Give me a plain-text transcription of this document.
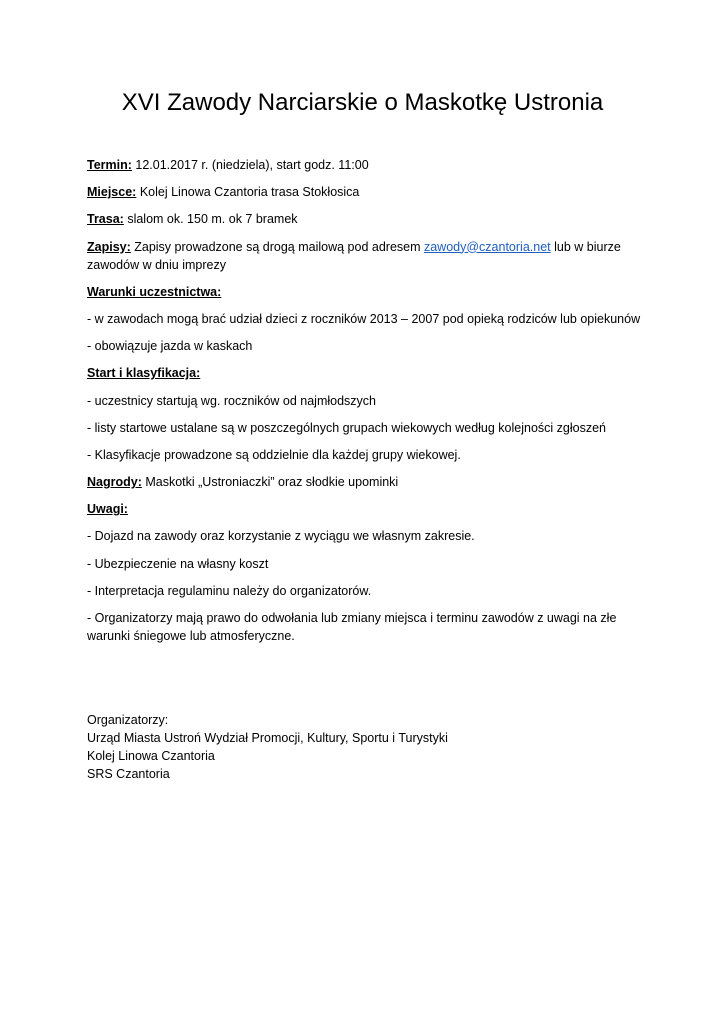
XVI Zawody Narciarskie o Maskotkę Ustronia

Termin: 12.01.2017 r. (niedziela), start godz. 11:00

Miejsce: Kolej Linowa Czantoria trasa Stokłosica

Trasa: slalom ok. 150 m. ok 7 bramek

Zapisy: Zapisy prowadzone są drogą mailową pod adresem zawody@czantoria.net lub w biurze zawodów w dniu imprezy

Warunki uczestnictwa:

- w zawodach mogą brać udział dzieci z roczników 2013 – 2007 pod opieką rodziców lub opiekunów

- obowiązuje jazda w kaskach

Start i klasyfikacja:

- uczestnicy startują wg. roczników od najmłodszych

- listy startowe ustalane są w poszczególnych grupach wiekowych według kolejności zgłoszeń

- Klasyfikacje prowadzone są oddzielnie dla każdej grupy wiekowej.

Nagrody: Maskotki „Ustroniaczki” oraz słodkie upominki

Uwagi:

- Dojazd na zawody oraz korzystanie z wyciągu we własnym zakresie.

- Ubezpieczenie na własny koszt

- Interpretacja regulaminu należy do organizatorów.

- Organizatorzy mają prawo do odwołania lub zmiany miejsca i terminu zawodów z uwagi na złe warunki śniegowe lub atmosferyczne.

Organizatorzy:
Urząd Miasta Ustroń Wydział Promocji, Kultury, Sportu i Turystyki
Kolej Linowa Czantoria
SRS Czantoria
